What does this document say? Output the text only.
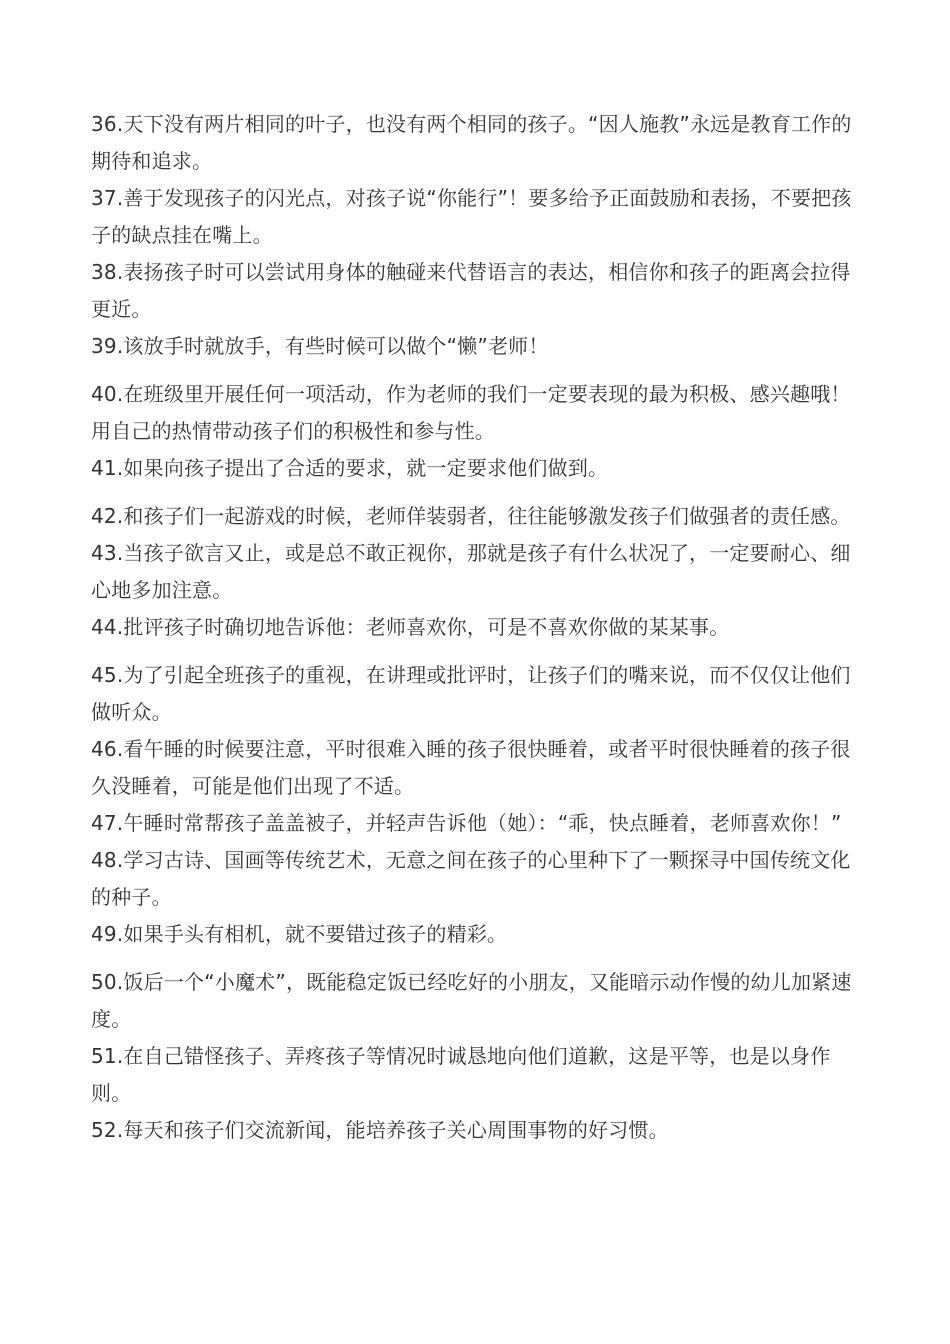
36.天下没有两片相同的叶子，也没有两个相同的孩子。“因人施教”永远是教育工作的期待和追求。

37.善于发现孩子的闪光点，对孩子说“你能行”！要多给予正面鼓励和表扬，不要把孩子的缺点挂在嘴上。

38.表扬孩子时可以尝试用身体的触碰来代替语言的表达，相信你和孩子的距离会拉得更近。

39.该放手时就放手，有些时候可以做个“懒”老师！

40.在班级里开展任何一项活动，作为老师的我们一定要表现的最为积极、感兴趣哦！用自己的热情带动孩子们的积极性和参与性。

41.如果向孩子提出了合适的要求，就一定要求他们做到。

42.和孩子们一起游戏的时候，老师佯装弱者，往往能够激发孩子们做强者的责任感。

43.当孩子欲言又止，或是总不敢正视你，那就是孩子有什么状况了，一定要耐心、细心地多加注意。

44.批评孩子时确切地告诉他：老师喜欢你，可是不喜欢你做的某某事。

45.为了引起全班孩子的重视，在讲理或批评时，让孩子们的嘴来说，而不仅仅让他们做听众。

46.看午睡的时候要注意，平时很难入睡的孩子很快睡着，或者平时很快睡着的孩子很久没睡着，可能是他们出现了不适。

47.午睡时常帮孩子盖盖被子，并轻声告诉他（她）：“乖，快点睡着，老师喜欢你！”

48.学习古诗、国画等传统艺术，无意之间在孩子的心里种下了一颗探寻中国传统文化的种子。

49.如果手头有相机，就不要错过孩子的精彩。

50.饭后一个“小魔术”，既能稳定饭已经吃好的小朋友，又能暗示动作慢的幼儿加紧速度。

51.在自己错怪孩子、弄疼孩子等情况时诚恳地向他们道歉，这是平等，也是以身作则。

52.每天和孩子们交流新闻，能培养孩子关心周围事物的好习惯。
